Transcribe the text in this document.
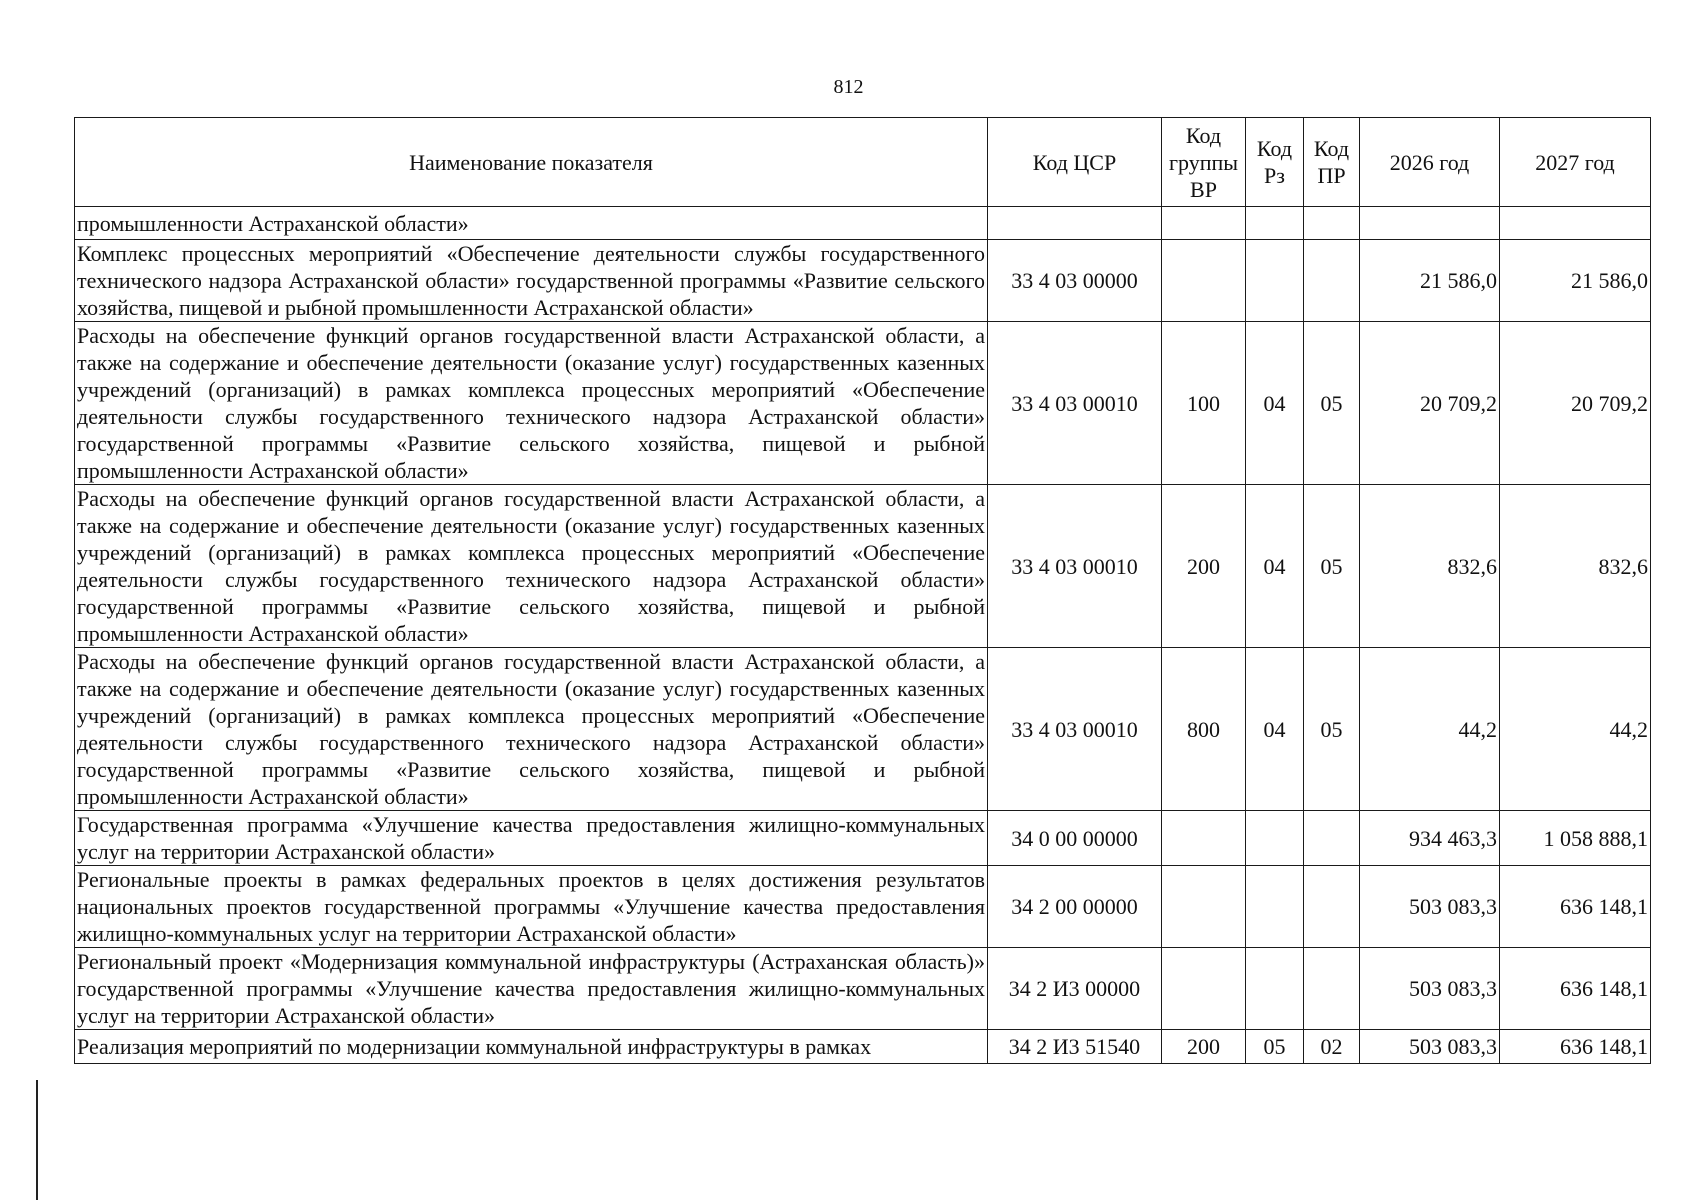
812
Наименование показателя	Код ЦСР	Код группы ВР	Код Рз	Код ПР	2026 год	2027 год
промышленности Астраханской области»						
Комплекс процессных мероприятий «Обеспечение деятельности службы государственного технического надзора Астраханской области» государственной программы «Развитие сельского хозяйства, пищевой и рыбной промышленности Астраханской области»	33 4 03 00000				21 586,0	21 586,0
Расходы на обеспечение функций органов государственной власти Астраханской области, а также на содержание и обеспечение деятельности (оказание услуг) государственных казенных учреждений (организаций) в рамках комплекса процессных мероприятий «Обеспечение деятельности службы государственного технического надзора Астраханской области» государственной программы «Развитие сельского хозяйства, пищевой и рыбной промышленности Астраханской области»	33 4 03 00010	100	04	05	20 709,2	20 709,2
Расходы на обеспечение функций органов государственной власти Астраханской области, а также на содержание и обеспечение деятельности (оказание услуг) государственных казенных учреждений (организаций) в рамках комплекса процессных мероприятий «Обеспечение деятельности службы государственного технического надзора Астраханской области» государственной программы «Развитие сельского хозяйства, пищевой и рыбной промышленности Астраханской области»	33 4 03 00010	200	04	05	832,6	832,6
Расходы на обеспечение функций органов государственной власти Астраханской области, а также на содержание и обеспечение деятельности (оказание услуг) государственных казенных учреждений (организаций) в рамках комплекса процессных мероприятий «Обеспечение деятельности службы государственного технического надзора Астраханской области» государственной программы «Развитие сельского хозяйства, пищевой и рыбной промышленности Астраханской области»	33 4 03 00010	800	04	05	44,2	44,2
Государственная программа «Улучшение качества предоставления жилищно-коммунальных услуг на территории Астраханской области»	34 0 00 00000				934 463,3	1 058 888,1
Региональные проекты в рамках федеральных проектов в целях достижения результатов национальных проектов государственной программы «Улучшение качества предоставления жилищно-коммунальных услуг на территории Астраханской области»	34 2 00 00000				503 083,3	636 148,1
Региональный проект «Модернизация коммунальной инфраструктуры (Астраханская область)» государственной программы «Улучшение качества предоставления жилищно-коммунальных услуг на территории Астраханской области»	34 2 И3 00000				503 083,3	636 148,1
Реализация мероприятий по модернизации коммунальной инфраструктуры в рамках	34 2 И3 51540	200	05	02	503 083,3	636 148,1
